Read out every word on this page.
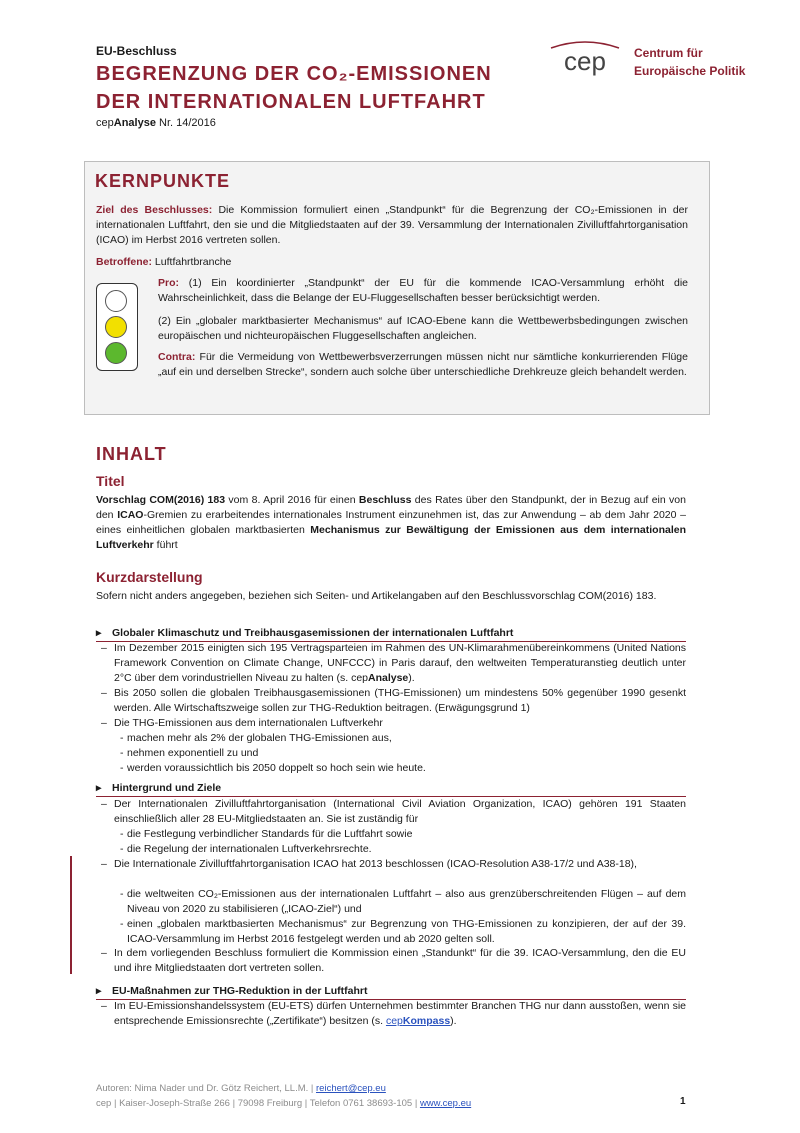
EU-Beschluss
BEGRENZUNG DER CO₂-EMISSIONEN
DER INTERNATIONALEN LUFTFAHRT
cepAnalyse Nr. 14/2016
cep Centrum für
Europäische Politik
KERNPUNKTE
Ziel des Beschlusses: Die Kommission formuliert einen „Standpunkt“ für die Begrenzung der CO₂-Emissionen in der internationalen Luftfahrt, den sie und die Mitgliedstaaten auf der 39. Versammlung der Internationalen Zivilluftfahrtorganisation (ICAO) im Herbst 2016 vertreten sollen.
Betroffene: Luftfahrtbranche
Pro: (1) Ein koordinierter „Standpunkt“ der EU für die kommende ICAO-Versammlung erhöht die Wahrscheinlichkeit, dass die Belange der EU-Fluggesellschaften besser berücksichtigt werden.
(2) Ein „globaler marktbasierter Mechanismus“ auf ICAO-Ebene kann die Wettbewerbsbedingungen zwischen europäischen und nichteuropäischen Fluggesellschaften angleichen.
Contra: Für die Vermeidung von Wettbewerbsverzerrungen müssen nicht nur sämtliche konkurrierenden Flüge „auf ein und derselben Strecke“, sondern auch solche über unterschiedliche Drehkreuze gleich behandelt werden.
INHALT
Titel
Vorschlag COM(2016) 183 vom 8. April 2016 für einen Beschluss des Rates über den Standpunkt, der in Bezug auf ein von den ICAO-Gremien zu erarbeitendes internationales Instrument einzunehmen ist, das zur Anwendung – ab dem Jahr 2020 – eines einheitlichen globalen marktbasierten Mechanismus zur Bewältigung der Emissionen aus dem internationalen Luftverkehr führt
Kurzdarstellung
Sofern nicht anders angegeben, beziehen sich Seiten- und Artikelangaben auf den Beschlussvorschlag COM(2016) 183.
▸ Globaler Klimaschutz und Treibhausgasemissionen der internationalen Luftfahrt
– Im Dezember 2015 einigten sich 195 Vertragsparteien im Rahmen des UN-Klimarahmenübereinkommens (United Nations Framework Convention on Climate Change, UNFCCC) in Paris darauf, den weltweiten Temperaturanstieg deutlich unter 2°C über dem vorindustriellen Niveau zu halten (s. cepAnalyse).
– Bis 2050 sollen die globalen Treibhausgasemissionen (THG-Emissionen) um mindestens 50% gegenüber 1990 gesenkt werden. Alle Wirtschaftszweige sollen zur THG-Reduktion beitragen. (Erwägungsgrund 1)
– Die THG-Emissionen aus dem internationalen Luftverkehr
- machen mehr als 2% der globalen THG-Emissionen aus,
- nehmen exponentiell zu und
- werden voraussichtlich bis 2050 doppelt so hoch sein wie heute.
▸ Hintergrund und Ziele
– Der Internationalen Zivilluftfahrtorganisation (International Civil Aviation Organization, ICAO) gehören 191 Staaten einschließlich aller 28 EU-Mitgliedstaaten an. Sie ist zuständig für
- die Festlegung verbindlicher Standards für die Luftfahrt sowie
- die Regelung der internationalen Luftverkehrsrechte.
– Die Internationale Zivilluftfahrtorganisation ICAO hat 2013 beschlossen (ICAO-Resolution A38-17/2 und A38-18),
- die weltweiten CO₂-Emissionen aus der internationalen Luftfahrt – also aus grenzüberschreitenden Flügen – auf dem Niveau von 2020 zu stabilisieren („ICAO-Ziel“) und
- einen „globalen marktbasierten Mechanismus“ zur Begrenzung von THG-Emissionen zu konzipieren, der auf der 39. ICAO-Versammlung im Herbst 2016 festgelegt werden und ab 2020 gelten soll.
– In dem vorliegenden Beschluss formuliert die Kommission einen „Standunkt“ für die 39. ICAO-Versammlung, den die EU und ihre Mitgliedstaaten dort vertreten sollen.
▸ EU-Maßnahmen zur THG-Reduktion in der Luftfahrt
– Im EU-Emissionshandelssystem (EU-ETS) dürfen Unternehmen bestimmter Branchen THG nur dann ausstoßen, wenn sie entsprechende Emissionsrechte („Zertifikate“) besitzen (s. cepKompass).
Autoren: Nima Nader und Dr. Götz Reichert, LL.M. | reichert@cep.eu
cep | Kaiser-Joseph-Straße 266 | 79098 Freiburg | Telefon 0761 38693-105 | www.cep.eu	1
